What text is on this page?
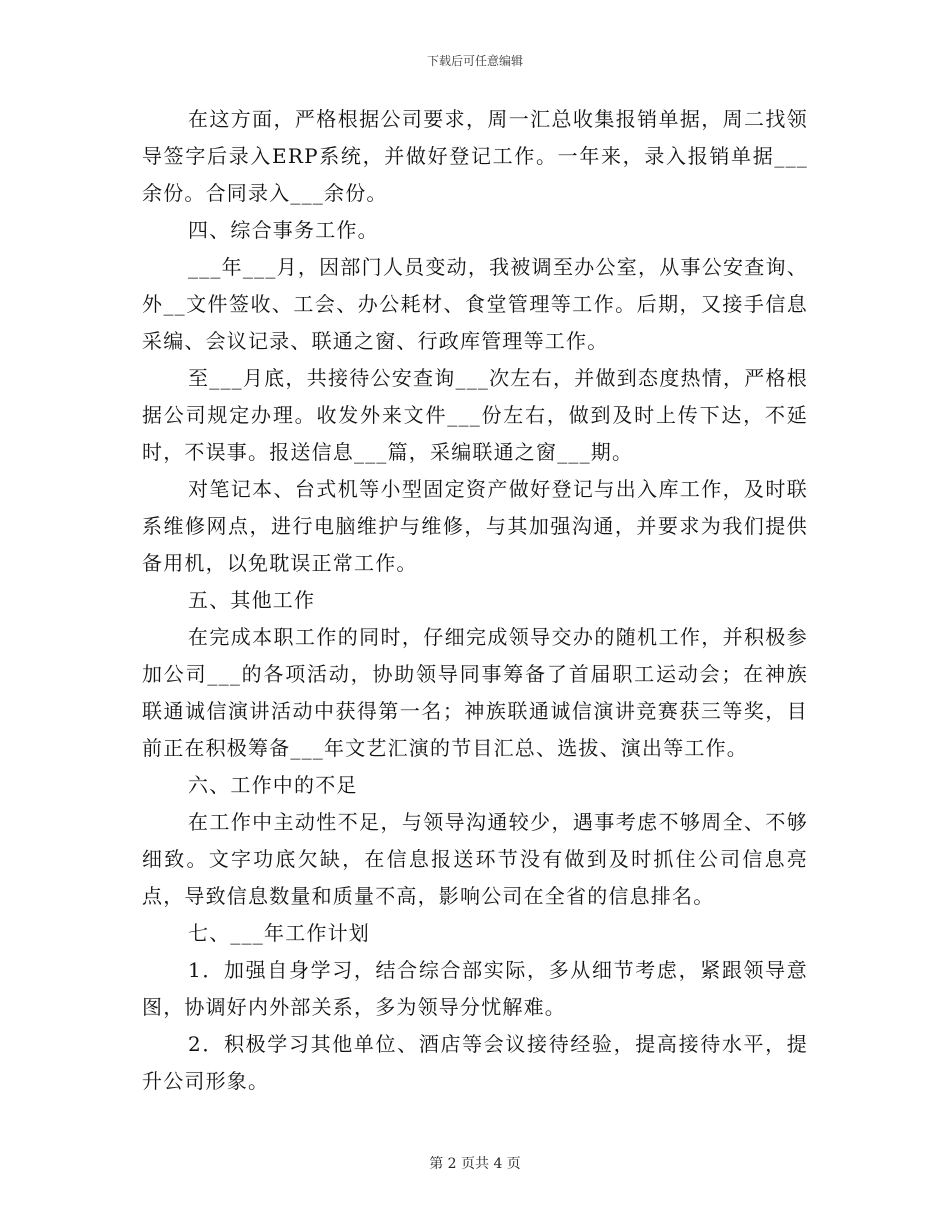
下载后可任意编辑

在这方面，严格根据公司要求，周一汇总收集报销单据，周二找领导签字后录入ERP系统，并做好登记工作。一年来，录入报销单据___余份。合同录入___余份。

四、综合事务工作。

___年___月，因部门人员变动，我被调至办公室，从事公安查询、外__文件签收、工会、办公耗材、食堂管理等工作。后期，又接手信息采编、会议记录、联通之窗、行政库管理等工作。

至___月底，共接待公安查询___次左右，并做到态度热情，严格根据公司规定办理。收发外来文件___份左右，做到及时上传下达，不延时，不误事。报送信息___篇，采编联通之窗___期。

对笔记本、台式机等小型固定资产做好登记与出入库工作，及时联系维修网点，进行电脑维护与维修，与其加强沟通，并要求为我们提供备用机，以免耽误正常工作。

五、其他工作

在完成本职工作的同时，仔细完成领导交办的随机工作，并积极参加公司___的各项活动，协助领导同事筹备了首届职工运动会；在神族联通诚信演讲活动中获得第一名；神族联通诚信演讲竞赛获三等奖，目前正在积极筹备___年文艺汇演的节目汇总、选拔、演出等工作。

六、工作中的不足

在工作中主动性不足，与领导沟通较少，遇事考虑不够周全、不够细致。文字功底欠缺，在信息报送环节没有做到及时抓住公司信息亮点，导致信息数量和质量不高，影响公司在全省的信息排名。

七、___年工作计划

1．加强自身学习，结合综合部实际，多从细节考虑，紧跟领导意图，协调好内外部关系，多为领导分忧解难。

2．积极学习其他单位、酒店等会议接待经验，提高接待水平，提升公司形象。

第 2 页共 4 页
